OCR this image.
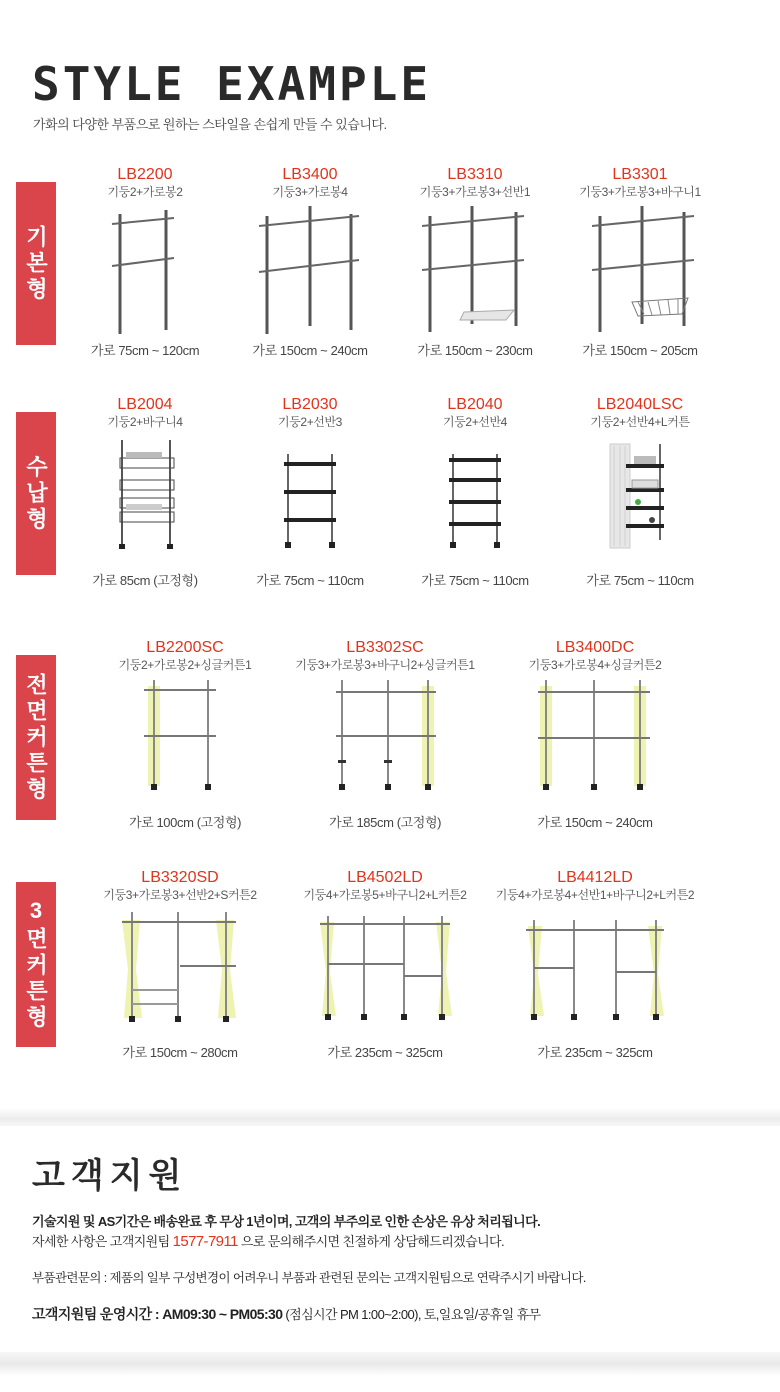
STYLE EXAMPLE
가화의 다양한 부품으로 원하는 스타일을 손쉽게 만들 수 있습니다.
기본형
수납형
전면커튼형
3면커튼형
LB2200
기둥2+가로봉2
가로 75cm ~ 120cm
LB3400
기둥3+가로봉4
가로 150cm ~ 240cm
LB3310
기둥3+가로봉3+선반1
가로 150cm ~ 230cm
LB3301
기둥3+가로봉3+바구니1
가로 150cm ~ 205cm
LB2004
기둥2+바구니4
가로 85cm (고정형)
LB2030
기둥2+선반3
가로 75cm ~ 110cm
LB2040
기둥2+선반4
가로 75cm ~ 110cm
LB2040LSC
기둥2+선반4+L커튼
가로 75cm ~ 110cm
LB2200SC
기둥2+가로봉2+싱글커튼1
가로 100cm (고정형)
LB3302SC
기둥3+가로봉3+바구니2+싱글커튼1
가로 185cm (고정형)
LB3400DC
기둥3+가로봉4+싱글커튼2
가로 150cm ~ 240cm
LB3320SD
기둥3+가로봉3+선반2+S커튼2
가로 150cm ~ 280cm
LB4502LD
기둥4+가로봉5+바구니2+L커튼2
가로 235cm ~ 325cm
LB4412LD
기둥4+가로봉4+선반1+바구니2+L커튼2
가로 235cm ~ 325cm
고객지원
기술지원 및 AS기간은 배송완료 후 무상 1년이며, 고객의 부주의로 인한 손상은 유상 처리됩니다.
자세한 사항은 고객지원팀 1577-7911 으로 문의해주시면 친절하게 상담해드리겠습니다.
부품관련문의 : 제품의 일부 구성변경이 어려우니 부품과 관련된 문의는 고객지원팀으로 연락주시기 바랍니다.
고객지원팀 운영시간 : AM09:30 ~ PM05:30 (점심시간 PM 1:00~2:00), 토,일요일/공휴일 휴무
